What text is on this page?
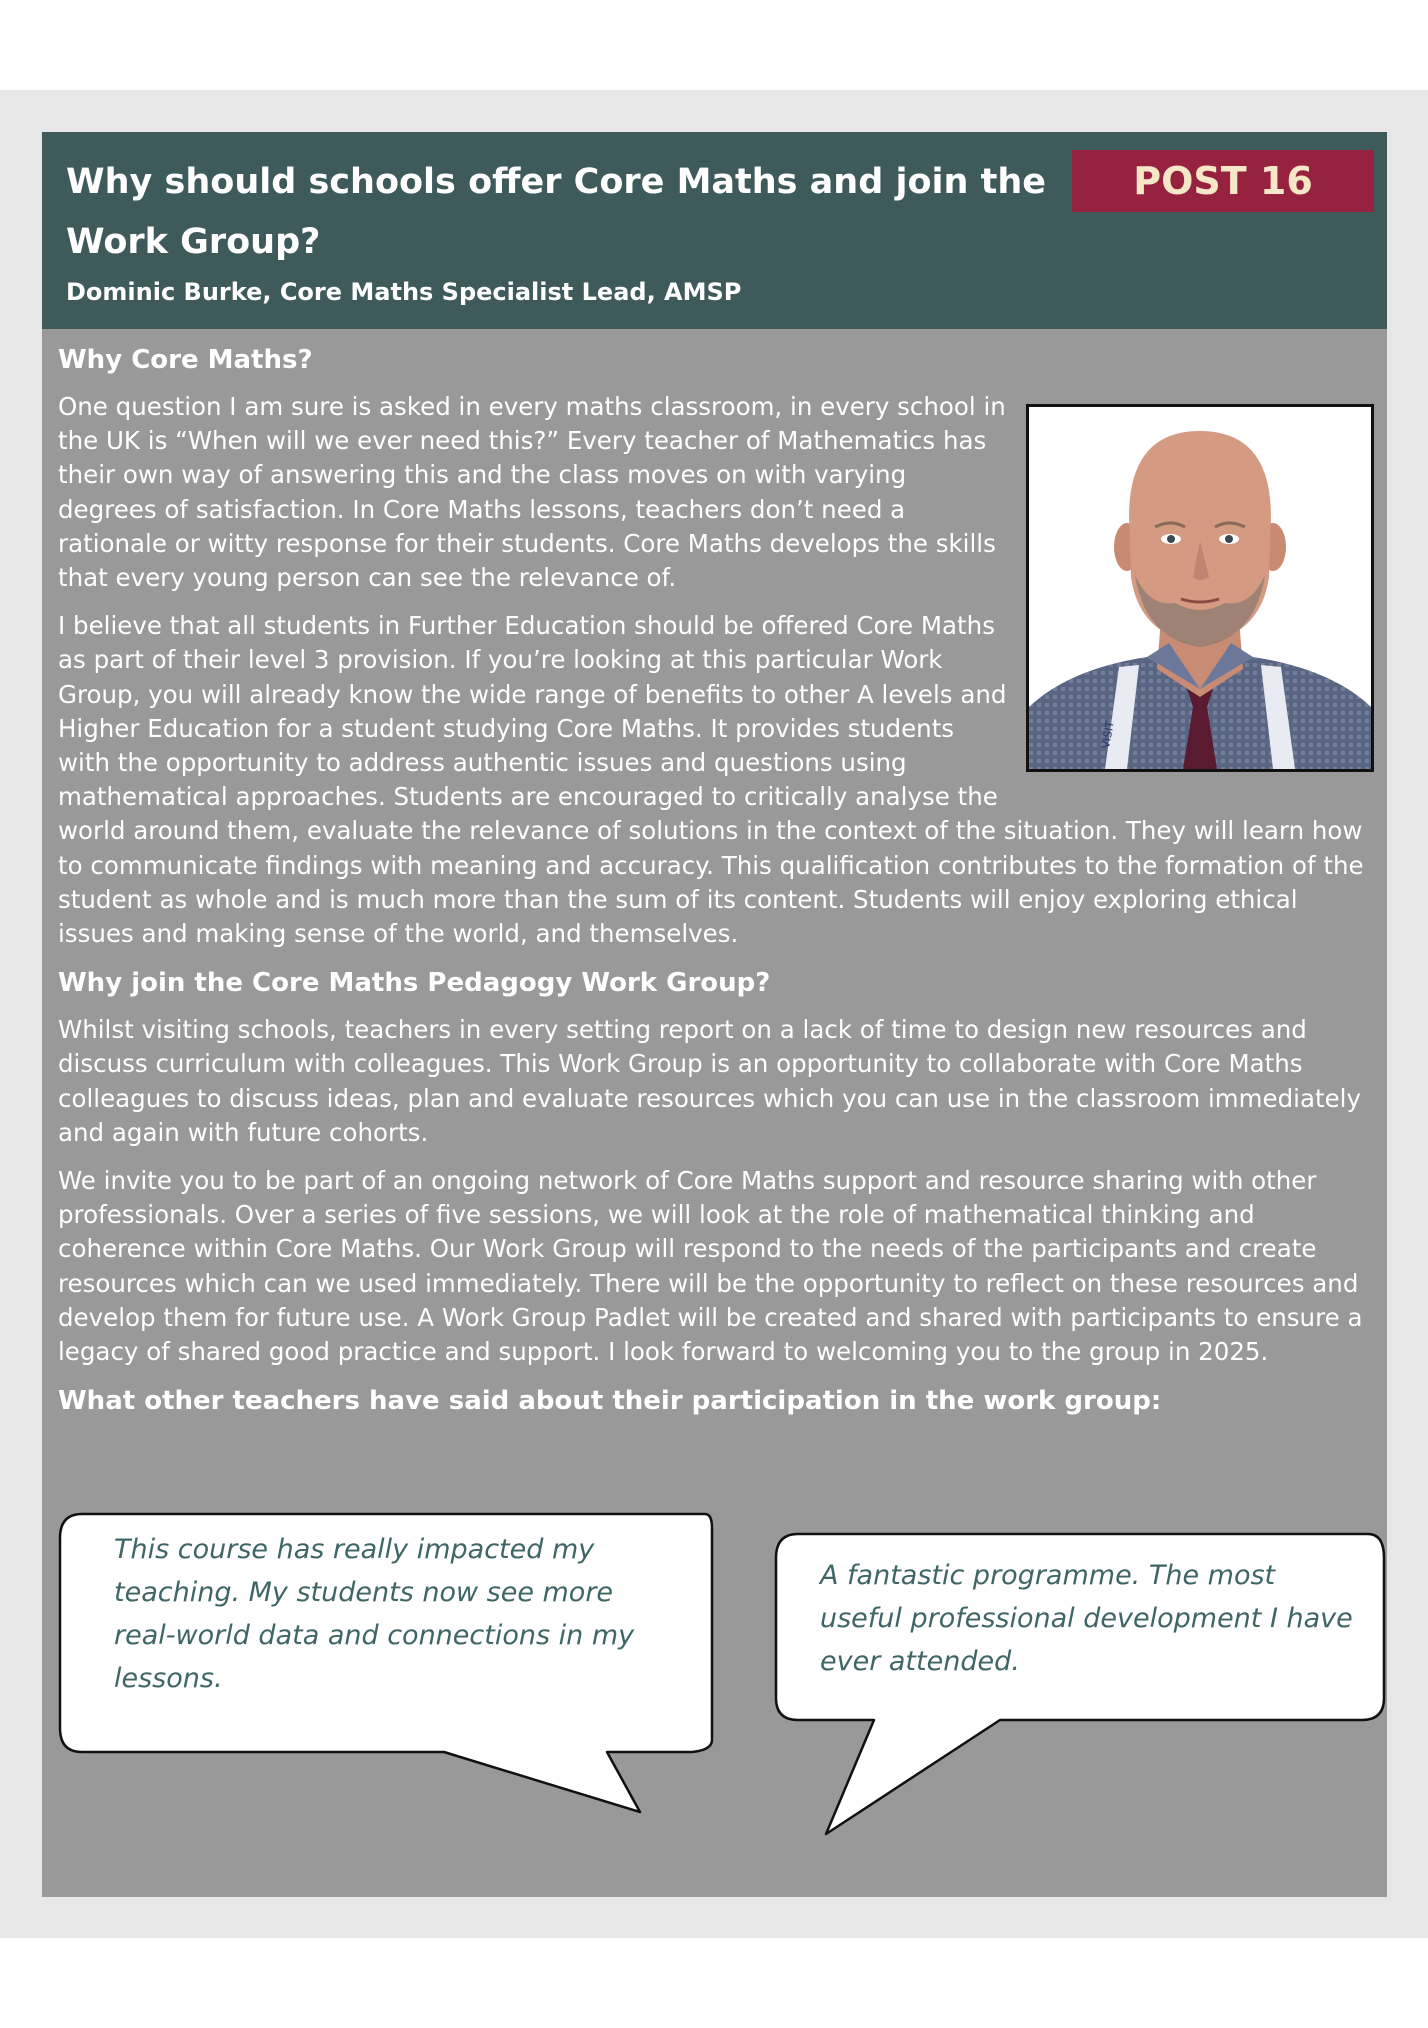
Why should schools offer Core Maths and join the Work Group?

Dominic Burke, Core Maths Specialist Lead, AMSP

POST 16
Why Core Maths?
VISIT

One question I am sure is asked in every maths classroom, in every school in the UK is “When will we ever need this?” Every teacher of Mathematics has their own way of answering this and the class moves on with varying degrees of satisfaction. In Core Maths lessons, teachers don’t need a rationale or witty response for their students. Core Maths develops the skills that every young person can see the relevance of.

I believe that all students in Further Education should be offered Core Maths as part of their level 3 provision. If you’re looking at this particular Work Group, you will already know the wide range of benefits to other A levels and Higher Education for a student studying Core Maths. It provides students with the opportunity to address authentic issues and questions using mathematical approaches. Students are encouraged to critically analyse the world around them, evaluate the relevance of solutions in the context of the situation. They will learn how to communicate findings with meaning and accuracy. This qualification contributes to the formation of the student as whole and is much more than the sum of its content. Students will enjoy exploring ethical issues and making sense of the world, and themselves.

Why join the Core Maths Pedagogy Work Group?

Whilst visiting schools, teachers in every setting report on a lack of time to design new resources and discuss curriculum with colleagues. This Work Group is an opportunity to collaborate with Core Maths colleagues to discuss ideas, plan and evaluate resources which you can use in the classroom immediately and again with future cohorts.

We invite you to be part of an ongoing network of Core Maths support and resource sharing with other professionals. Over a series of five sessions, we will look at the role of mathematical thinking and coherence within Core Maths. Our Work Group will respond to the needs of the participants and create resources which can we used immediately. There will be the opportunity to reflect on these resources and develop them for future use. A Work Group Padlet will be created and shared with participants to ensure a legacy of shared good practice and support. I look forward to welcoming you to the group in 2025.

What other teachers have said about their participation in the work group:
This course has really impacted my teaching. My students now see more real-world data and connections in my lessons.
A fantastic programme. The most useful professional development I have ever attended.
